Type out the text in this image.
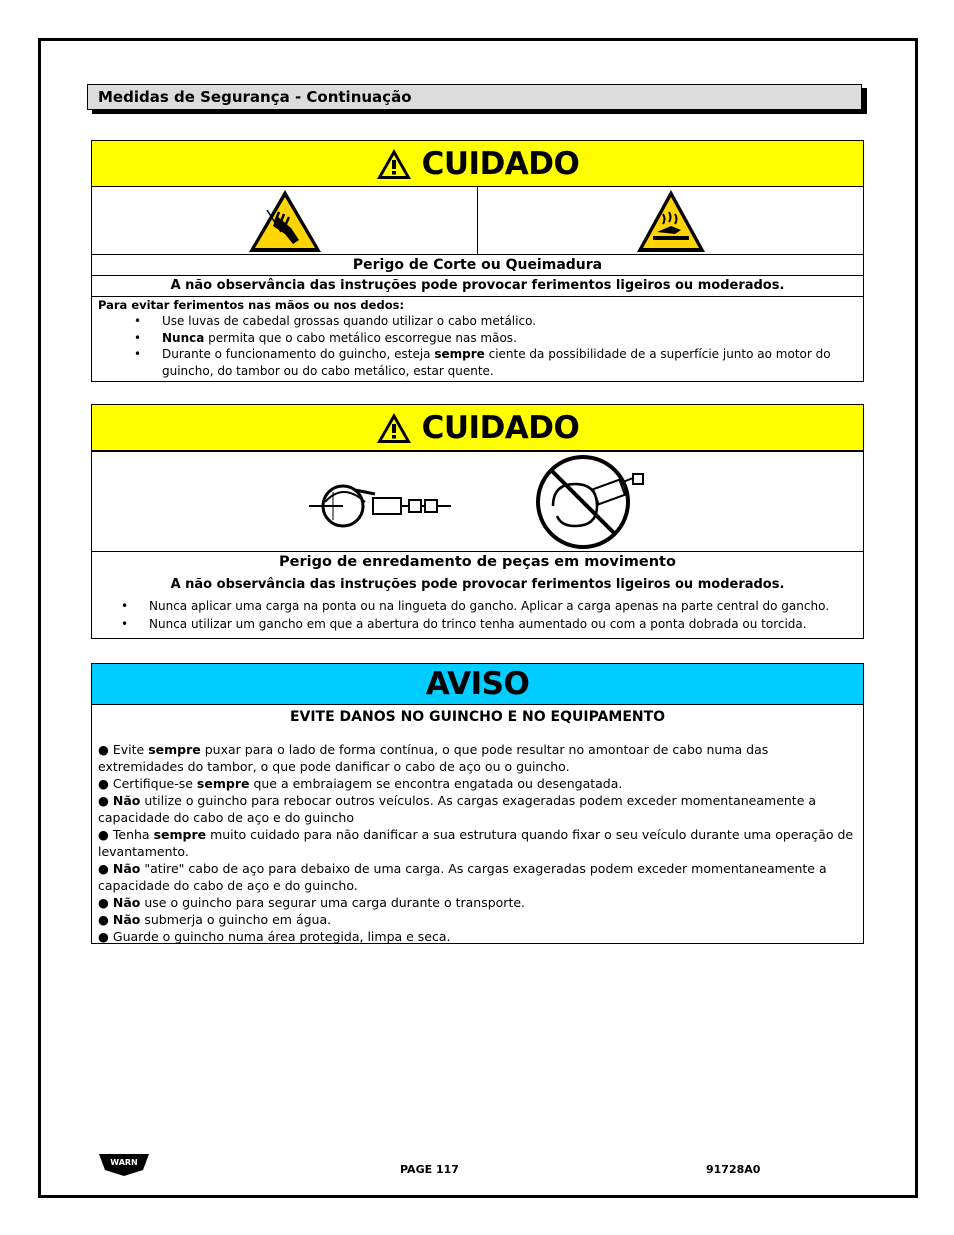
Medidas de Segurança - Continuação
CUIDADO
Perigo de Corte ou Queimadura
A não observância das instruções pode provocar ferimentos ligeiros ou moderados.
Para evitar ferimentos nas mãos ou nos dedos:
• Use luvas de cabedal grossas quando utilizar o cabo metálico.
• Nunca permita que o cabo metálico escorregue nas mãos.
• Durante o funcionamento do guincho, esteja sempre ciente da possibilidade de a superfície junto ao motor do guincho, do tambor ou do cabo metálico, estar quente.
CUIDADO
Perigo de enredamento de peças em movimento
A não observância das instruções pode provocar ferimentos ligeiros ou moderados.
• Nunca aplicar uma carga na ponta ou na lingueta do gancho. Aplicar a carga apenas na parte central do gancho.
• Nunca utilizar um gancho em que a abertura do trinco tenha aumentado ou com a ponta dobrada ou torcida.
AVISO
EVITE DANOS NO GUINCHO E NO EQUIPAMENTO
● Evite sempre puxar para o lado de forma contínua, o que pode resultar no amontoar de cabo numa das extremidades do tambor, o que pode danificar o cabo de aço ou o guincho.
● Certifique-se sempre que a embraiagem se encontra engatada ou desengatada.
● Não utilize o guincho para rebocar outros veículos. As cargas exageradas podem exceder momentaneamente a capacidade do cabo de aço e do guincho
● Tenha sempre muito cuidado para não danificar a sua estrutura quando fixar o seu veículo durante uma operação de levantamento.
● Não "atire" cabo de aço para debaixo de uma carga. As cargas exageradas podem exceder momentaneamente a capacidade do cabo de aço e do guincho.
● Não use o guincho para segurar uma carga durante o transporte.
● Não submerja o guincho em água.
● Guarde o guincho numa área protegida, limpa e seca.
WARN
PAGE 117	91728A0
